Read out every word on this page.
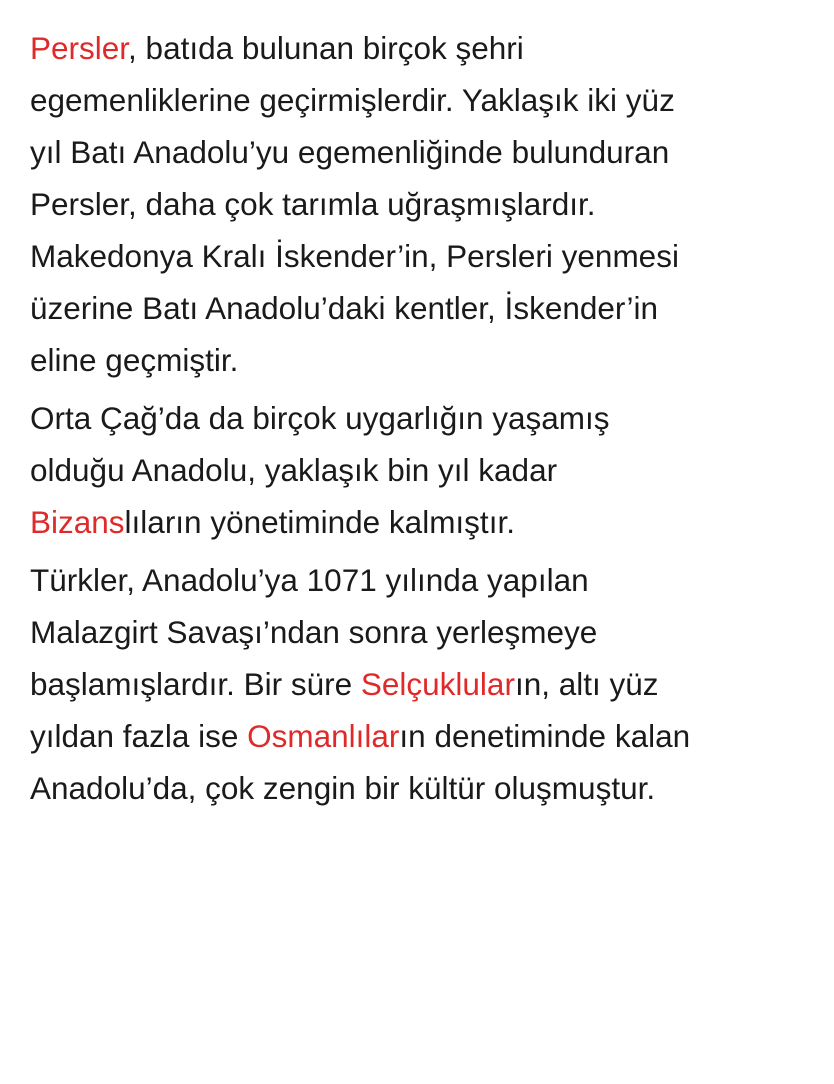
Persler, batıda bulunan birçok şehri
egemenliklerine geçirmişlerdir. Yaklaşık iki yüz
yıl Batı Anadolu’yu egemenliğinde bulunduran
Persler, daha çok tarımla uğraşmışlardır.
Makedonya Kralı İskender’in, Persleri yenmesi
üzerine Batı Anadolu’daki kentler, İskender’in
eline geçmiştir.
Orta Çağ’da da birçok uygarlığın yaşamış
olduğu Anadolu, yaklaşık bin yıl kadar
Bizanslıların yönetiminde kalmıştır.
Türkler, Anadolu’ya 1071 yılında yapılan
Malazgirt Savaşı’ndan sonra yerleşmeye
başlamışlardır. Bir süre Selçukluların, altı yüz
yıldan fazla ise Osmanlıların denetiminde kalan
Anadolu’da, çok zengin bir kültür oluşmuştur.
